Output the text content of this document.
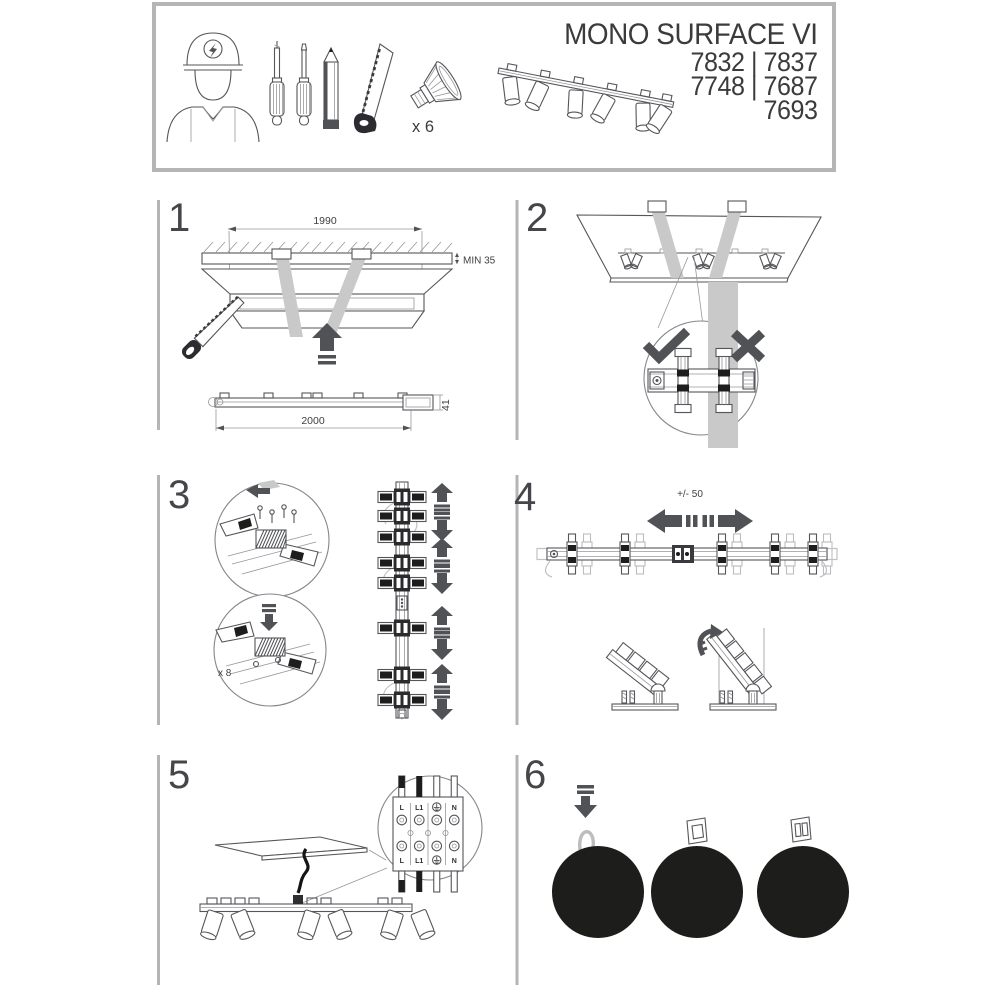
x 6
MONO SURFACE VI
7832 | 7837
7748 | 7687
7693
1	1990
MIN 35
41
2000
2
3
x 8
4	+/- 50
5
L L1	N
L L1	N
6
